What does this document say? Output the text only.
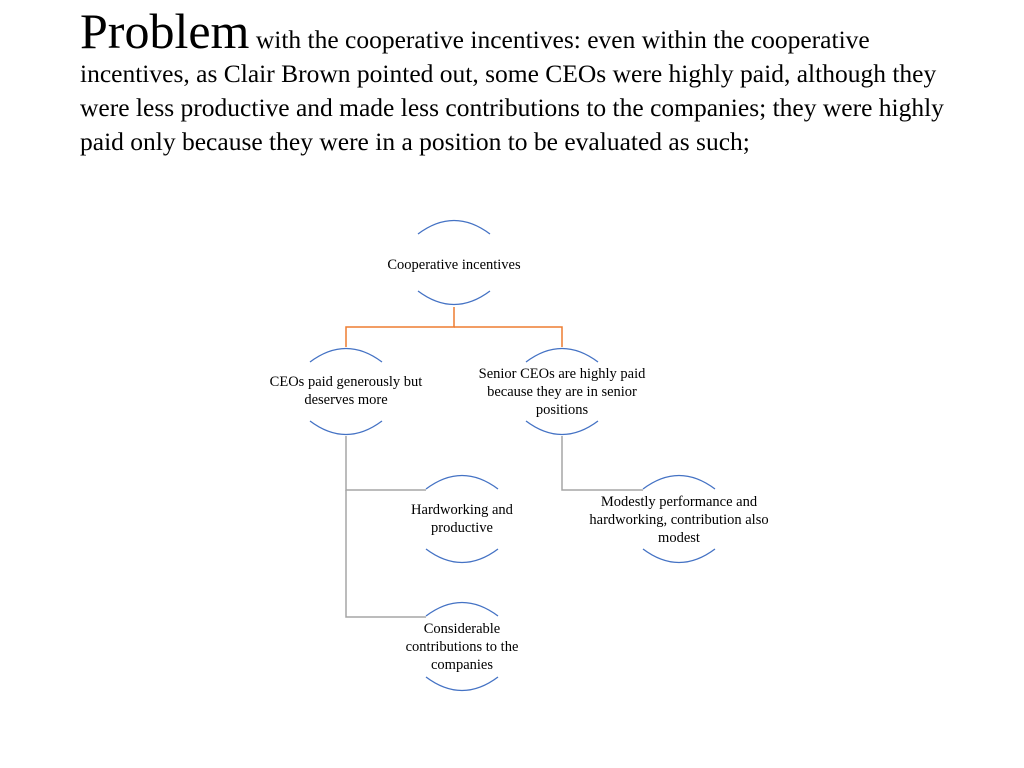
Problem with the cooperative incentives: even within the cooperative incentives, as Clair Brown pointed out, some CEOs were highly paid, although they were less productive and made less contributions to the companies; they were highly paid only because they were in a position to be evaluated as such;
Cooperative incentives
CEOs paid generously but deserves more
Senior CEOs are highly paid because they are in senior positions
Hardworking and productive
Considerable contributions to the companies
Modestly performance and hardworking, contribution also modest
